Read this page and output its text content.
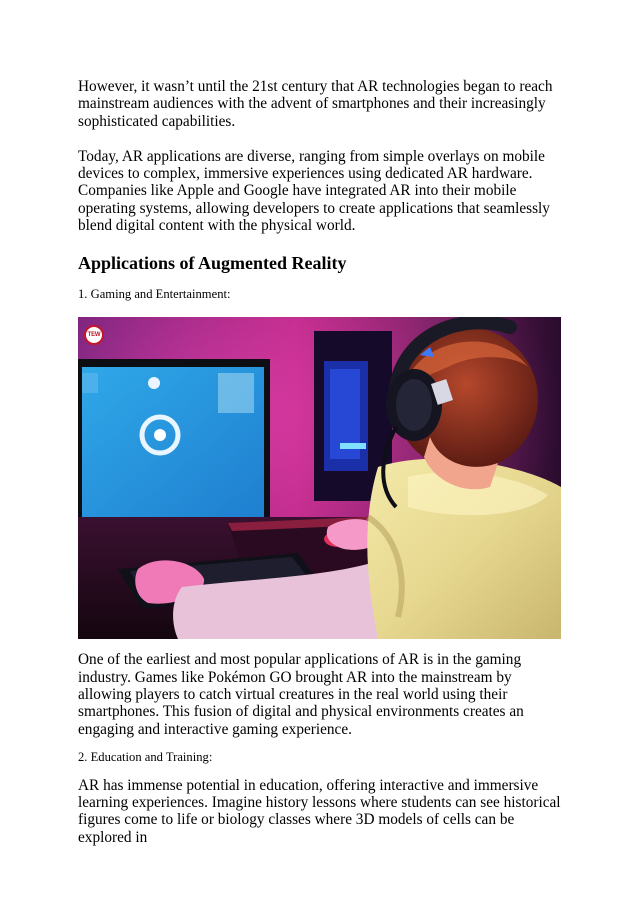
However, it wasn’t until the 21st century that AR technologies began to reach mainstream audiences with the advent of smartphones and their increasingly sophisticated capabilities.

Today, AR applications are diverse, ranging from simple overlays on mobile devices to complex, immersive experiences using dedicated AR hardware. Companies like Apple and Google have integrated AR into their mobile operating systems, allowing developers to create applications that seamlessly blend digital content with the physical world.

Applications of Augmented Reality

1. Gaming and Entertainment:

TEW

One of the earliest and most popular applications of AR is in the gaming industry. Games like Pokémon GO brought AR into the mainstream by allowing players to catch virtual creatures in the real world using their smartphones. This fusion of digital and physical environments creates an engaging and interactive gaming experience.

2. Education and Training:

AR has immense potential in education, offering interactive and immersive learning experiences. Imagine history lessons where students can see historical figures come to life or biology classes where 3D models of cells can be explored in
